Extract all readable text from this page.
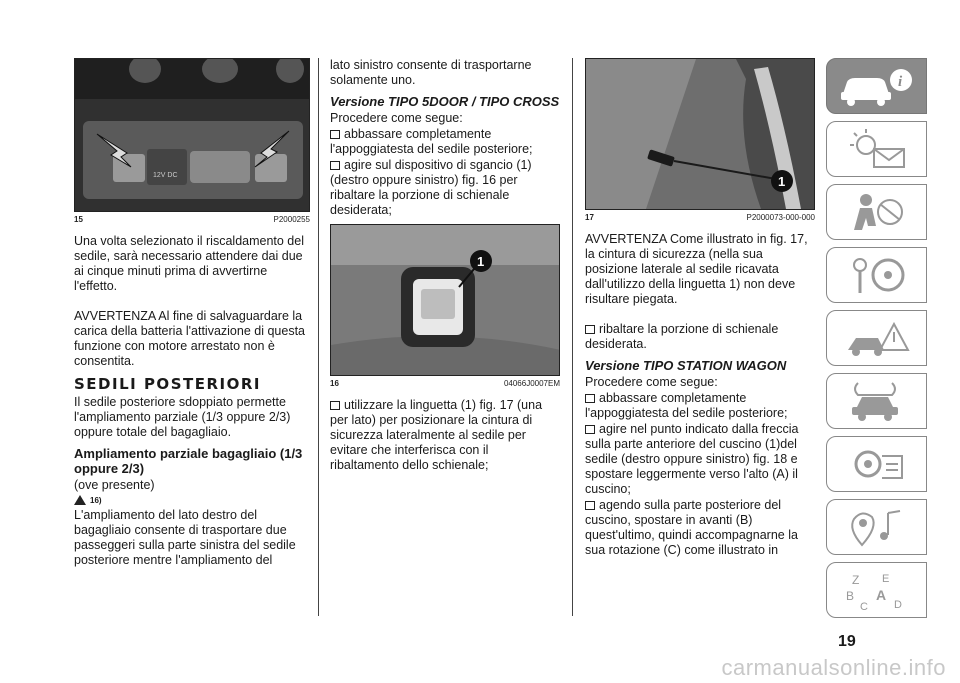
12V DC
15	P2000255

Una volta selezionato il riscaldamento del sedile, sarà necessario attendere dai due ai cinque minuti prima di avvertirne l'effetto.

AVVERTENZA Al fine di salvaguardare la carica della batteria l'attivazione di questa funzione con motore arrestato non è consentita.

SEDILI POSTERIORI

Il sedile posteriore sdoppiato permette l'ampliamento parziale (1/3 oppure 2/3) oppure totale del bagagliaio.

Ampliamento parziale bagagliaio (1/3 oppure 2/3)

(ove presente)

16)

L'ampliamento del lato destro del bagagliaio consente di trasportare due passeggeri sulla parte sinistra del sedile posteriore mentre l'ampliamento del

lato sinistro consente di trasportarne solamente uno.

Versione TIPO 5DOOR / TIPO CROSS

Procedere come segue:

abbassare completamente l'appoggiatesta del sedile posteriore;

agire sul dispositivo di sgancio (1) (destro oppure sinistro) fig. 16 per ribaltare la porzione di schienale desiderata;

1
16	04066J0007EM

utilizzare la linguetta (1) fig. 17 (una per lato) per posizionare la cintura di sicurezza lateralmente al sedile per evitare che interferisca con il ribaltamento dello schienale;

1
17	P2000073-000-000

AVVERTENZA Come illustrato in fig. 17, la cintura di sicurezza (nella sua posizione laterale al sedile ricavata dall'utilizzo della linguetta 1) non deve risultare piegata.

ribaltare la porzione di schienale desiderata.

Versione TIPO STATION WAGON

Procedere come segue:

abbassare completamente l'appoggiatesta del sedile posteriore;

agire nel punto indicato dalla freccia sulla parte anteriore del cuscino (1)del sedile (destro oppure sinistro) fig. 18 e spostare leggermente verso l'alto (A) il cuscino;

agendo sulla parte posteriore del cuscino, spostare in avanti (B) quest'ultimo, quindi accompagnarne la sua rotazione (C) come illustrato in

i
Z E
B A
C D
19
carmanualsonline.info
